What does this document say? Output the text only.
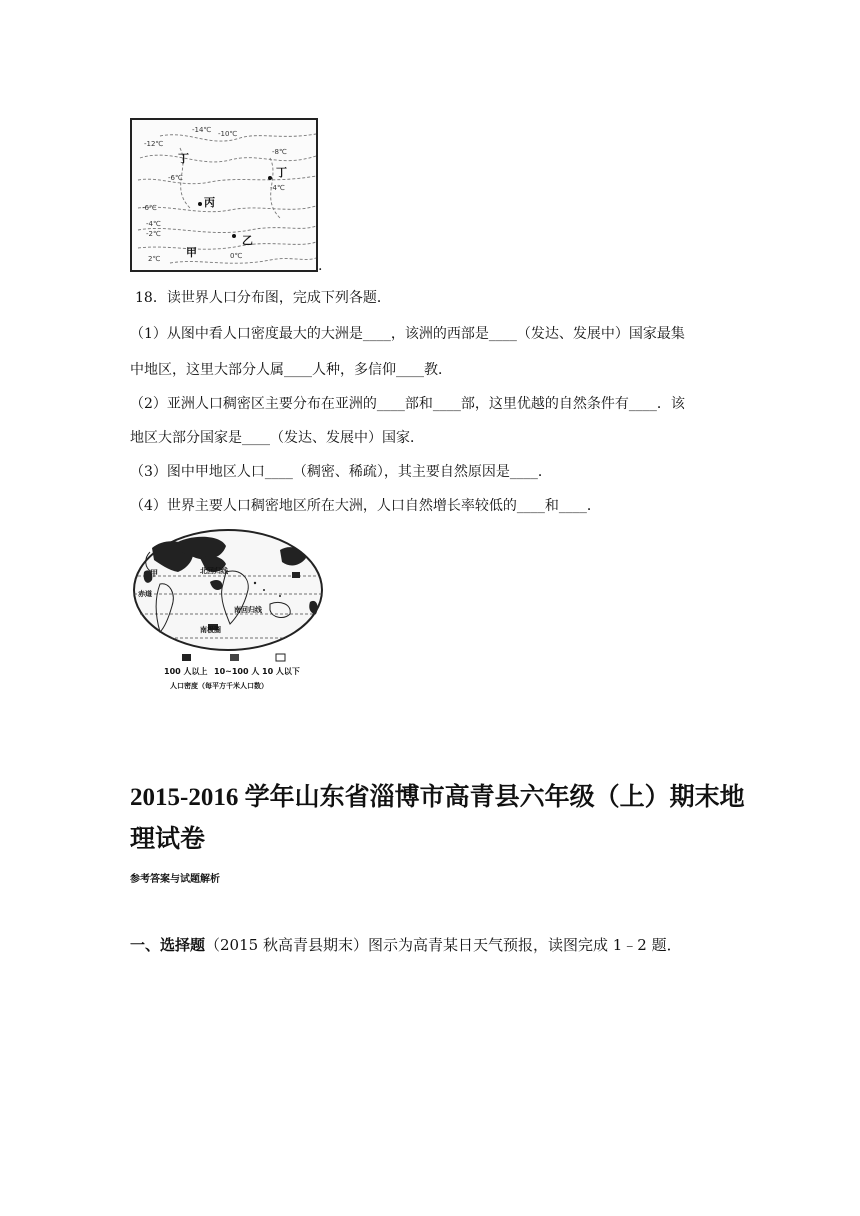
-12℃
-14℃ -10℃
-8℃
-6℃
-4℃
-6℃
-4℃
-2℃
2℃	0℃
丙
乙
甲
丁
丁
.
18．读世界人口分布图，完成下列各题．
（1）从图中看人口密度最大的大洲是____，该洲的西部是____（发达、发展中）国家最集
中地区，这里大部分人属____人种，多信仰____教．
（2）亚洲人口稠密区主要分布在亚洲的____部和____部，这里优越的自然条件有____．该
地区大部分国家是____（发达、发展中）国家．
（3）图中甲地区人口____（稠密、稀疏），其主要自然原因是____．
（4）世界主要人口稠密地区所在大洲，人口自然增长率较低的____和____．
北回归线
南回归线
南极圈
赤道
甲
100 人以上 10~100 人 10 人以下
人口密度（每平方千米人口数）
2015-2016 学年山东省淄博市高青县六年级（上）期末地
理试卷
参考答案与试题解析
一、选择题（2015 秋高青县期末）图示为高青某日天气预报，读图完成 1﹣2 题．
